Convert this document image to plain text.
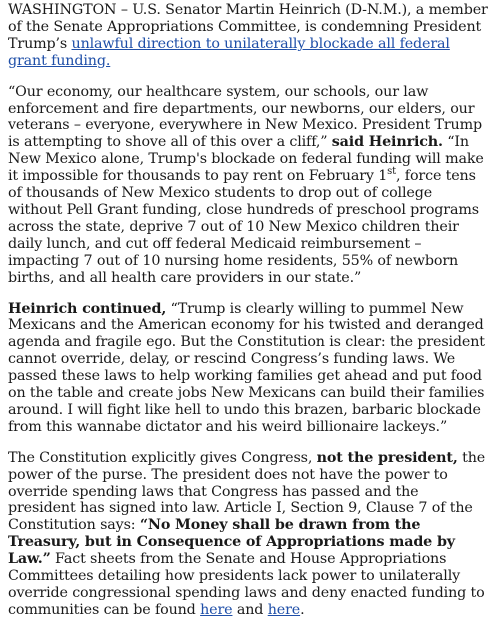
WASHINGTON – U.S. Senator Martin Heinrich (D-N.M.), a member of the Senate Appropriations Committee, is condemning President Trump’s unlawful direction to unilaterally blockade all federal grant funding.

“Our economy, our healthcare system, our schools, our law enforcement and fire departments, our newborns, our elders, our veterans – everyone, everywhere in New Mexico. President Trump is attempting to shove all of this over a cliff,” said Heinrich. “In New Mexico alone, Trump's blockade on federal funding will make it impossible for thousands to pay rent on February 1st, force tens of thousands of New Mexico students to drop out of college without Pell Grant funding, close hundreds of preschool programs across the state, deprive 7 out of 10 New Mexico children their daily lunch, and cut off federal Medicaid reimbursement – impacting 7 out of 10 nursing home residents, 55% of newborn births, and all health care providers in our state.”

Heinrich continued, “Trump is clearly willing to pummel New Mexicans and the American economy for his twisted and deranged agenda and fragile ego. But the Constitution is clear: the president cannot override, delay, or rescind Congress’s funding laws. We passed these laws to help working families get ahead and put food on the table and create jobs New Mexicans can build their families around. I will fight like hell to undo this brazen, barbaric blockade from this wannabe dictator and his weird billionaire lackeys.”

The Constitution explicitly gives Congress, not the president, the power of the purse. The president does not have the power to override spending laws that Congress has passed and the president has signed into law. Article I, Section 9, Clause 7 of the Constitution says: “No Money shall be drawn from the Treasury, but in Consequence of Appropriations made by Law.” Fact sheets from the Senate and House Appropriations Committees detailing how presidents lack power to unilaterally override congressional spending laws and deny enacted funding to communities can be found here and here.
